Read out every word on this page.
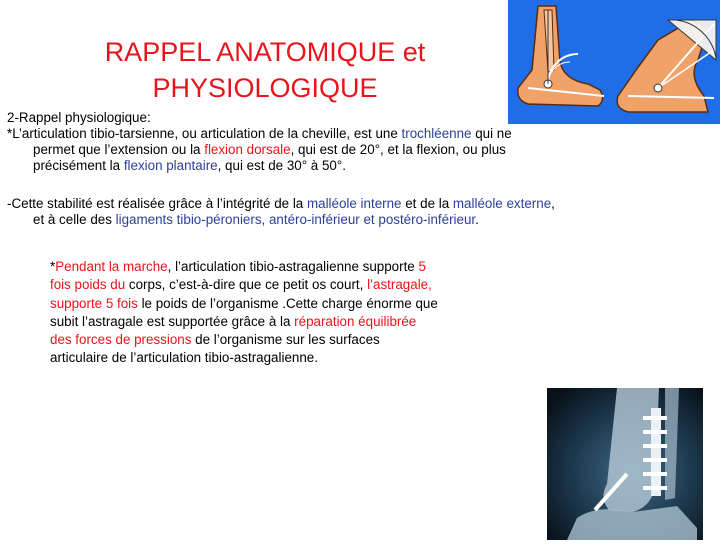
RAPPEL ANATOMIQUE et
PHYSIOLOGIQUE
2-Rappel physiologique:
*L’articulation tibio-tarsienne, ou articulation de la cheville, est une trochléenne qui ne
permet que l’extension ou la flexion dorsale, qui est de 20°, et la flexion, ou plus
précisément la flexion plantaire, qui est de 30° à 50°.
-Cette stabilité est réalisée grâce à l’intégrité de la malléole interne et de la malléole externe,
et à celle des ligaments tibio-péroniers, antéro-inférieur et postéro-inférieur.
*Pendant la marche, l’articulation tibio-astragalienne supporte 5
fois poids du corps, c’est-à-dire que ce petit os court, l’astragale,
supporte 5 fois le poids de l’organisme .Cette charge énorme que
subit l’astragale est supportée grâce à la réparation équilibrée
des forces de pressions de l’organisme sur les surfaces
articulaire de l’articulation tibio-astragalienne.
